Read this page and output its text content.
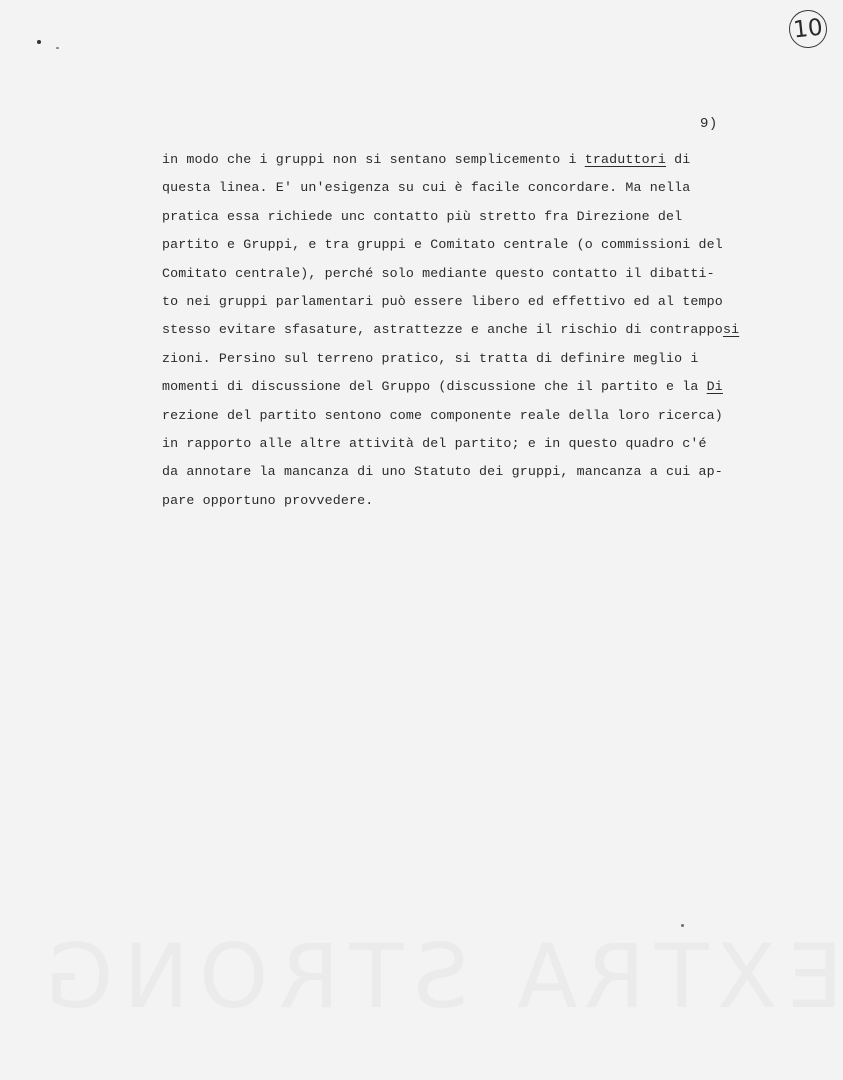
10
9)
in modo che i gruppi non si sentano semplicemento i traduttori di
questa linea. E' un'esigenza su cui è facile concordare. Ma nella
pratica essa richiede unc contatto più stretto fra Direzione del
partito e Gruppi, e tra gruppi e Comitato centrale (o commissioni del
Comitato centrale), perché solo mediante questo contatto il dibatti-
to nei gruppi parlamentari può essere libero ed effettivo ed al tempo
stesso evitare sfasature, astrattezze e anche il rischio di contrapposi
zioni. Persino sul terreno pratico, si tratta di definire meglio i
momenti di discussione del Gruppo (discussione che il partito e la Di
rezione del partito sentono come componente reale della loro ricerca)
in rapporto alle altre attività del partito; e in questo quadro c'é
da annotare la mancanza di uno Statuto dei gruppi, mancanza a cui ap-
pare opportuno provvedere.
EXTRA STRONG
